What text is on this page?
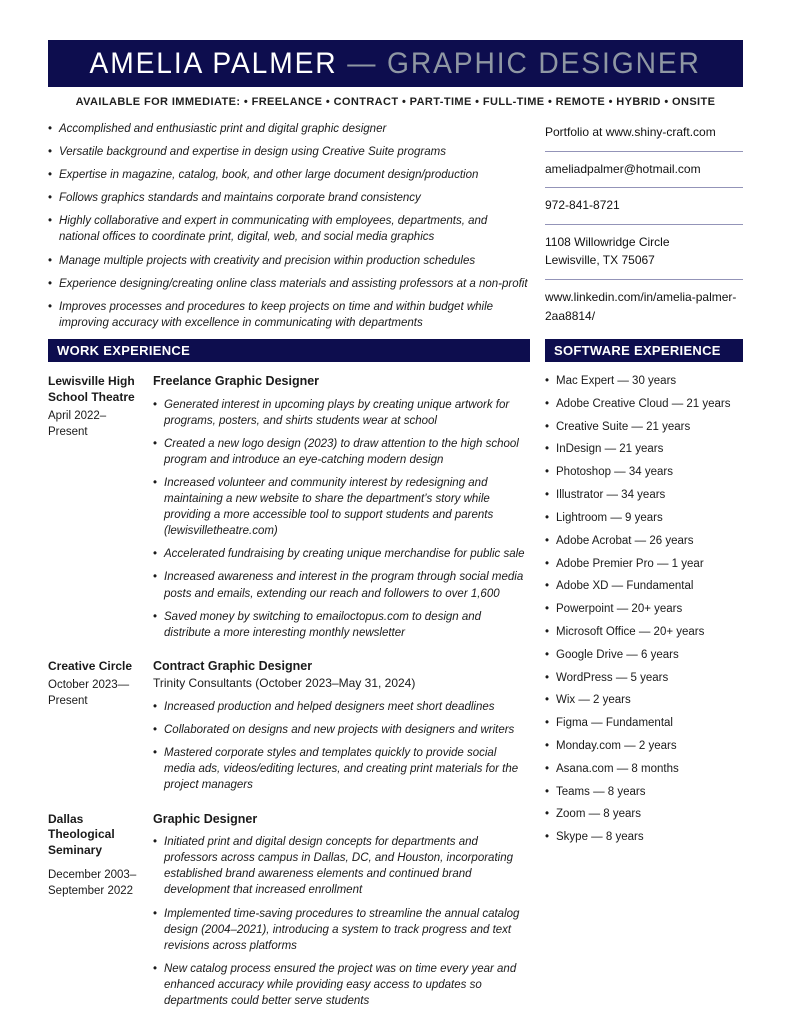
AMELIA PALMER — GRAPHIC DESIGNER
AVAILABLE FOR IMMEDIATE: • FREELANCE • CONTRACT • PART-TIME • FULL-TIME • REMOTE • HYBRID • ONSITE
• Accomplished and enthusiastic print and digital graphic designer
• Versatile background and expertise in design using Creative Suite programs
• Expertise in magazine, catalog, book, and other large document design/production
• Follows graphics standards and maintains corporate brand consistency
• Highly collaborative and expert in communicating with employees, departments, and national offices to coordinate print, digital, web, and social media graphics
• Manage multiple projects with creativity and precision within production schedules
• Experience designing/creating online class materials and assisting professors at a non-profit
• Improves processes and procedures to keep projects on time and within budget while improving accuracy with excellence in communicating with departments
Portfolio at www.shiny-craft.com
ameliadpalmer@hotmail.com
972-841-8721
1108 Willowridge Circle
Lewisville, TX 75067
www.linkedin.com/in/amelia-palmer-2aa8814/
WORK EXPERIENCE	SOFTWARE EXPERIENCE
Lewisville High School Theatre
April 2022–
Present
Freelance Graphic Designer
• Generated interest in upcoming plays by creating unique artwork for programs, posters, and shirts students wear at school
• Created a new logo design (2023) to draw attention to the high school program and introduce an eye-catching modern design
• Increased volunteer and community interest by redesigning and maintaining a new website to share the department’s story while providing a more accessible tool to support students and parents (lewisvilletheatre.com)
• Accelerated fundraising by creating unique merchandise for public sale
• Increased awareness and interest in the program through social media posts and emails, extending our reach and followers to over 1,600
• Saved money by switching to emailoctopus.com to design and distribute a more interesting monthly newsletter
Creative Circle
October 2023—
Present
Contract Graphic Designer
Trinity Consultants (October 2023–May 31, 2024)
• Increased production and helped designers meet short deadlines
• Collaborated on designs and new projects with designers and writers
• Mastered corporate styles and templates quickly to provide social media ads, videos/editing lectures, and creating print materials for the project managers
Dallas Theological Seminary
December 2003–
September 2022
Graphic Designer
• Initiated print and digital design concepts for departments and professors across campus in Dallas, DC, and Houston, incorporating established brand awareness elements and continued brand development that increased enrollment
• Implemented time-saving procedures to streamline the annual catalog design (2004–2021), introducing a system to track progress and text revisions across platforms
• New catalog process ensured the project was on time every year and enhanced accuracy while providing easy access to updates so departments could better serve students
• Mac Expert — 30 years
• Adobe Creative Cloud — 21 years
• Creative Suite — 21 years
• InDesign — 21 years
• Photoshop — 34 years
• Illustrator — 34 years
• Lightroom — 9 years
• Adobe Acrobat — 26 years
• Adobe Premier Pro — 1 year
• Adobe XD — Fundamental
• Powerpoint — 20+ years
• Microsoft Office — 20+ years
• Google Drive — 6 years
• WordPress — 5 years
• Wix — 2 years
• Figma — Fundamental
• Monday.com — 2 years
• Asana.com — 8 months
• Teams — 8 years
• Zoom — 8 years
• Skype — 8 years
